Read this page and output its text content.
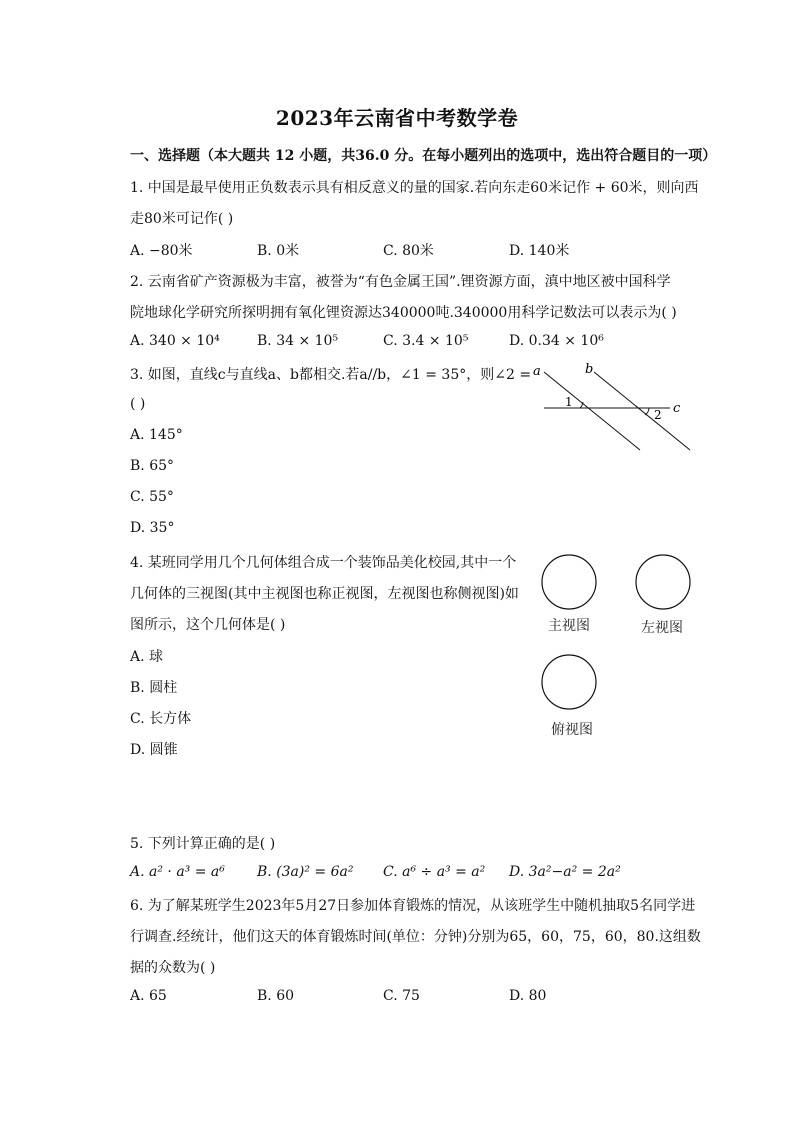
2023年云南省中考数学卷
一、选择题（本大题共 12 小题，共36.0 分。在每小题列出的选项中，选出符合题目的一项）
1. 中国是最早使用正负数表示具有相反意义的量的国家.若向东走60米记作 + 60米，则向西
走80米可记作( )
A. −80米	B. 0米	C. 80米	D. 140米
2. 云南省矿产资源极为丰富，被誉为“有色金属王国”.锂资源方面，滇中地区被中国科学
院地球化学研究所探明拥有氧化锂资源达340000吨.340000用科学记数法可以表示为( )
A. 340 × 10⁴	B. 34 × 10⁵	C. 3.4 × 10⁵	D. 0.34 × 10⁶
3. 如图，直线c与直线a、b都相交.若a//b，∠1 = 35°，则∠2 =
( )
A. 145°
B. 65°
C. 55°
D. 35°
a	b
c
1
2
4. 某班同学用几个几何体组合成一个装饰品美化校园,其中一个
几何体的三视图(其中主视图也称正视图，左视图也称侧视图)如
图所示，这个几何体是( )
A. 球
B. 圆柱
C. 长方体
D. 圆锥
主视图	左视图
俯视图
5. 下列计算正确的是( )
A. a² · a³ = a⁶ B. (3a)² = 6a² C. a⁶ ÷ a³ = a² D. 3a²−a² = 2a²
6. 为了解某班学生2023年5月27日参加体育锻炼的情况，从该班学生中随机抽取5名同学进
行调查.经统计，他们这天的体育锻炼时间(单位：分钟)分别为65，60，75，60，80.这组数
据的众数为( )
A. 65	B. 60	C. 75	D. 80
